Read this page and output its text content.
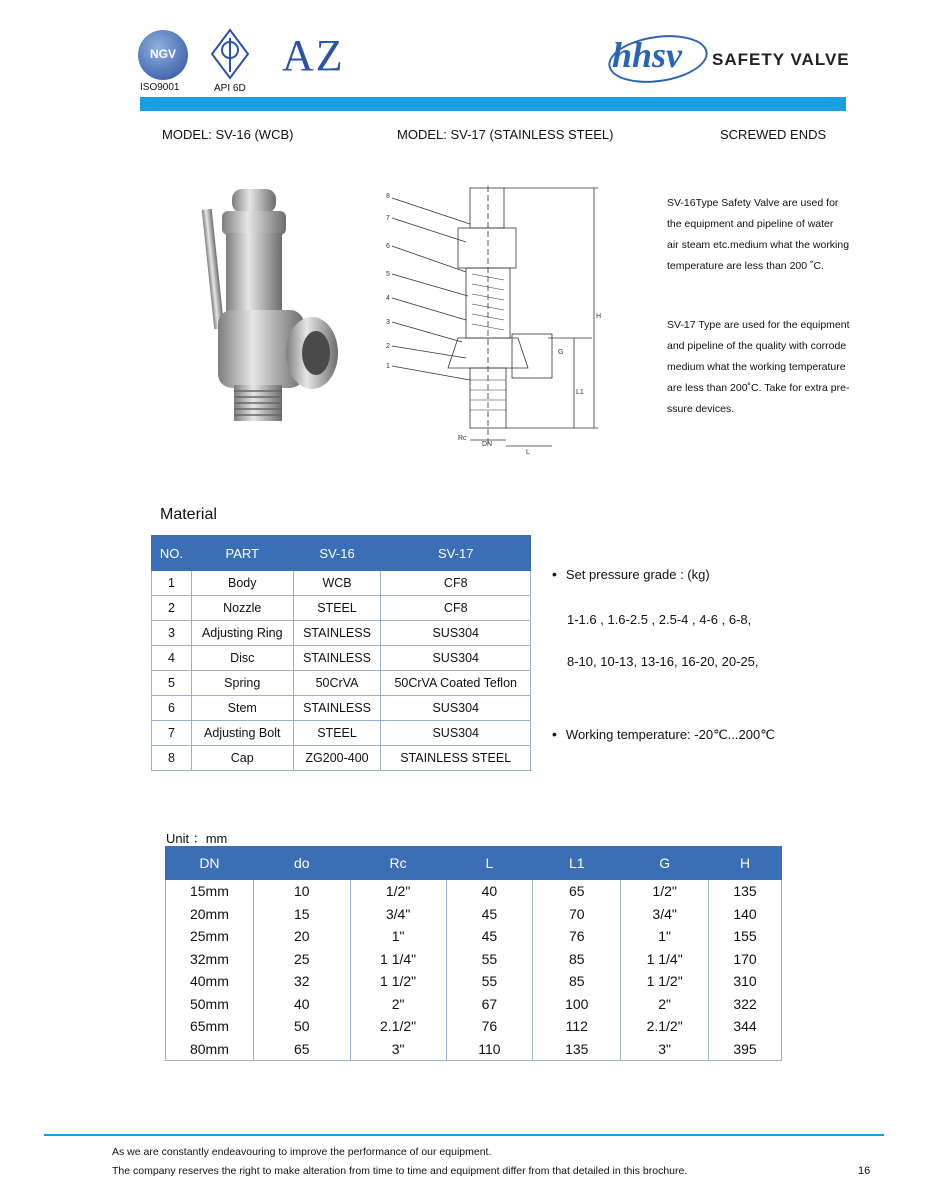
NGV
ISO9001	API 6D
AZ	hhsv SAFETY VALVE
MODEL: SV-16 (WCB)	MODEL: SV-17 (STAINLESS STEEL)	SCREWED ENDS
8
7
6
5
4
3
2
1
H
L1
L
Rc
DN
G
SV-16Type Safety Valve are used for
the equipment and pipeline of water
air steam etc.medium what the working
temperature are less than 200 ˚C.
SV-17 Type are used for the equipment
and pipeline of the quality with corrode
medium what the working temperature
are less than 200˚C. Take for extra pre-
ssure devices.
Material
NO.	PART	SV-16	SV-17
1	Body	WCB	CF8
2	Nozzle	STEEL	CF8
3	Adjusting Ring	STAINLESS	SUS304
4	Disc	STAINLESS	SUS304
5	Spring	50CrVA	50CrVA Coated Teflon
6	Stem	STAINLESS	SUS304
7	Adjusting Bolt	STEEL	SUS304
8	Cap	ZG200-400	STAINLESS STEEL
• Set pressure grade : (kg)
1-1.6 , 1.6-2.5 , 2.5-4 , 4-6 , 6-8,
8-10, 10-13, 13-16, 16-20, 20-25,
• Working temperature: -20℃...200℃
Unit ：mm
DN	do	Rc	L	L1	G	H
15mm	10	1/2"	40	65	1/2"	135
20mm	15	3/4"	45	70	3/4"	140
25mm	20	1"	45	76	1"	155
32mm	25	1 1/4"	55	85	1 1/4"	170
40mm	32	1 1/2"	55	85	1 1/2"	310
50mm	40	2"	67	100	2"	322
65mm	50	2.1/2"	76	112	2.1/2"	344
80mm	65	3"	110	135	3"	395
As we are constantly endeavouring to improve the performance of our equipment.
The company reserves the right to make alteration from time to time and equipment differ from that detailed in this brochure.	16
